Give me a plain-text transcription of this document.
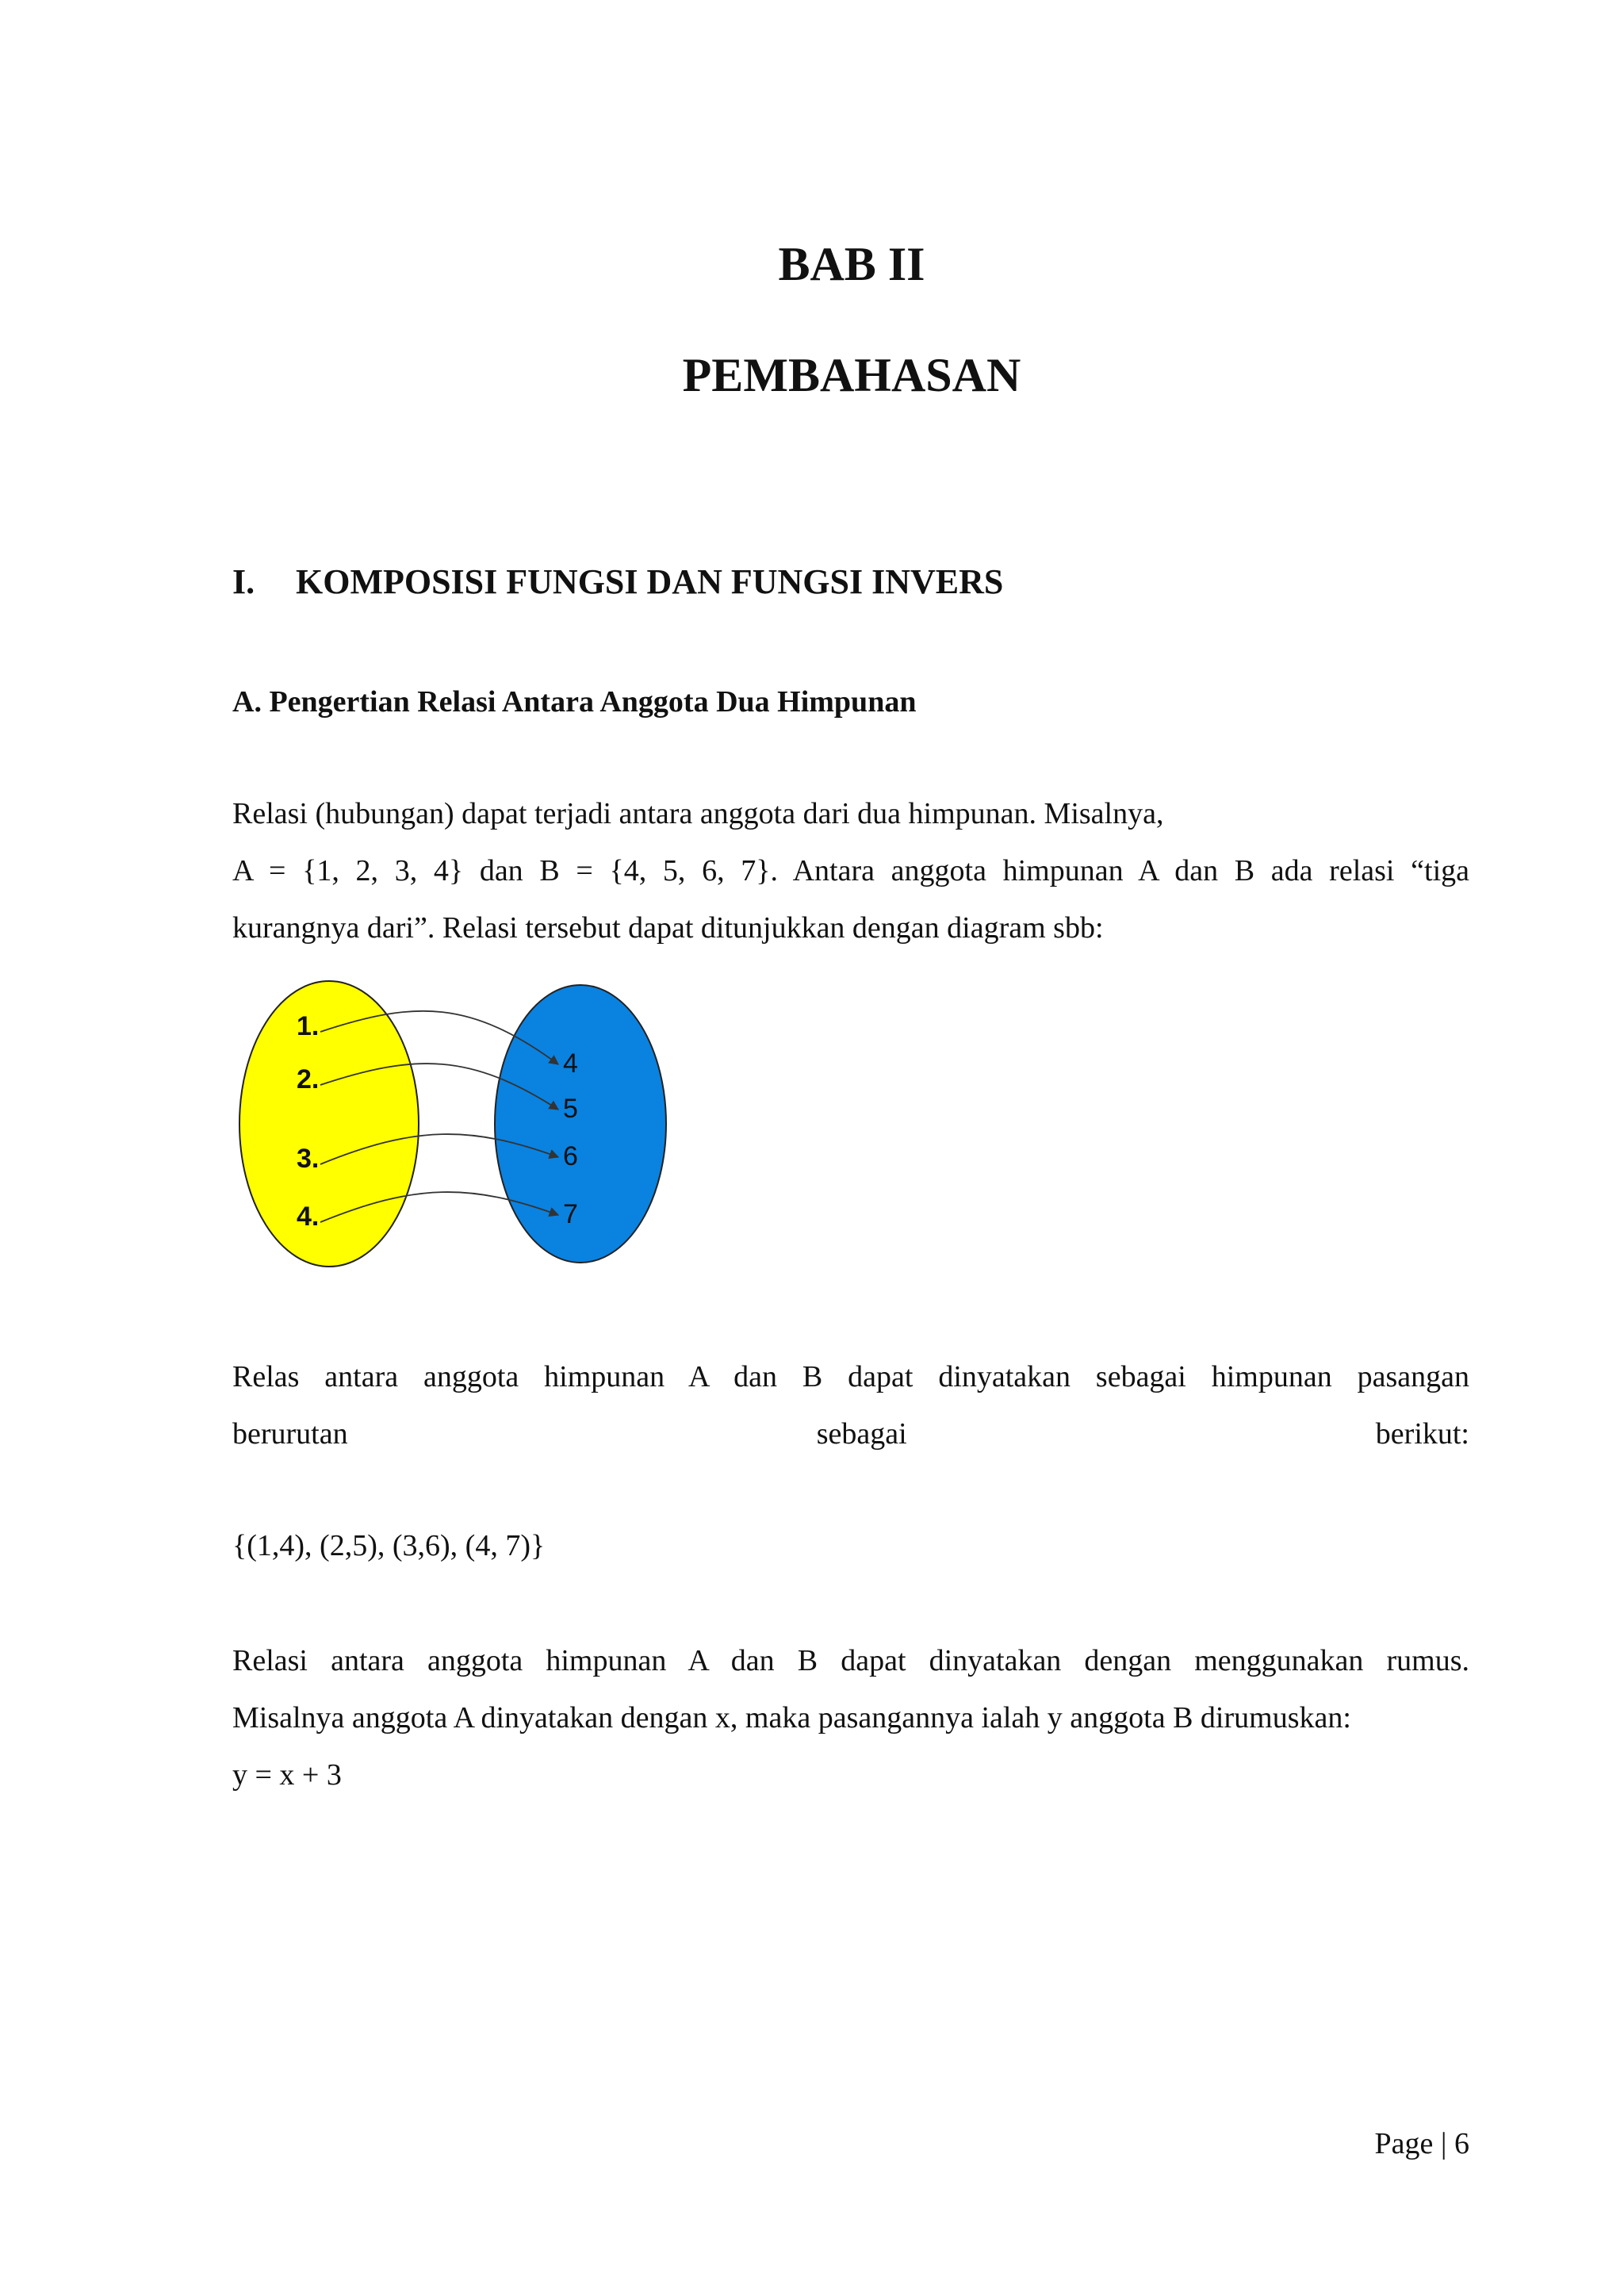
BAB II
PEMBAHASAN
I. KOMPOSISI FUNGSI DAN FUNGSI INVERS
A. Pengertian Relasi Antara Anggota Dua Himpunan
Relasi (hubungan) dapat terjadi antara anggota dari dua himpunan. Misalnya,
A = {1, 2, 3, 4} dan B = {4, 5, 6, 7}. Antara anggota himpunan A dan B ada relasi “tiga
kurangnya dari”. Relasi tersebut dapat ditunjukkan dengan diagram sbb:
1.
2.
3.
4.
4
5
6
7
Relas antara anggota himpunan A dan B dapat dinyatakan sebagai himpunan pasangan
berurutan sebagai berikut:

{(1,4), (2,5), (3,6), (4, 7)}

Relasi antara anggota himpunan A dan B dapat dinyatakan dengan menggunakan rumus.
Misalnya anggota A dinyatakan dengan x, maka pasangannya ialah y anggota B dirumuskan:
y = x + 3

Page | 6
